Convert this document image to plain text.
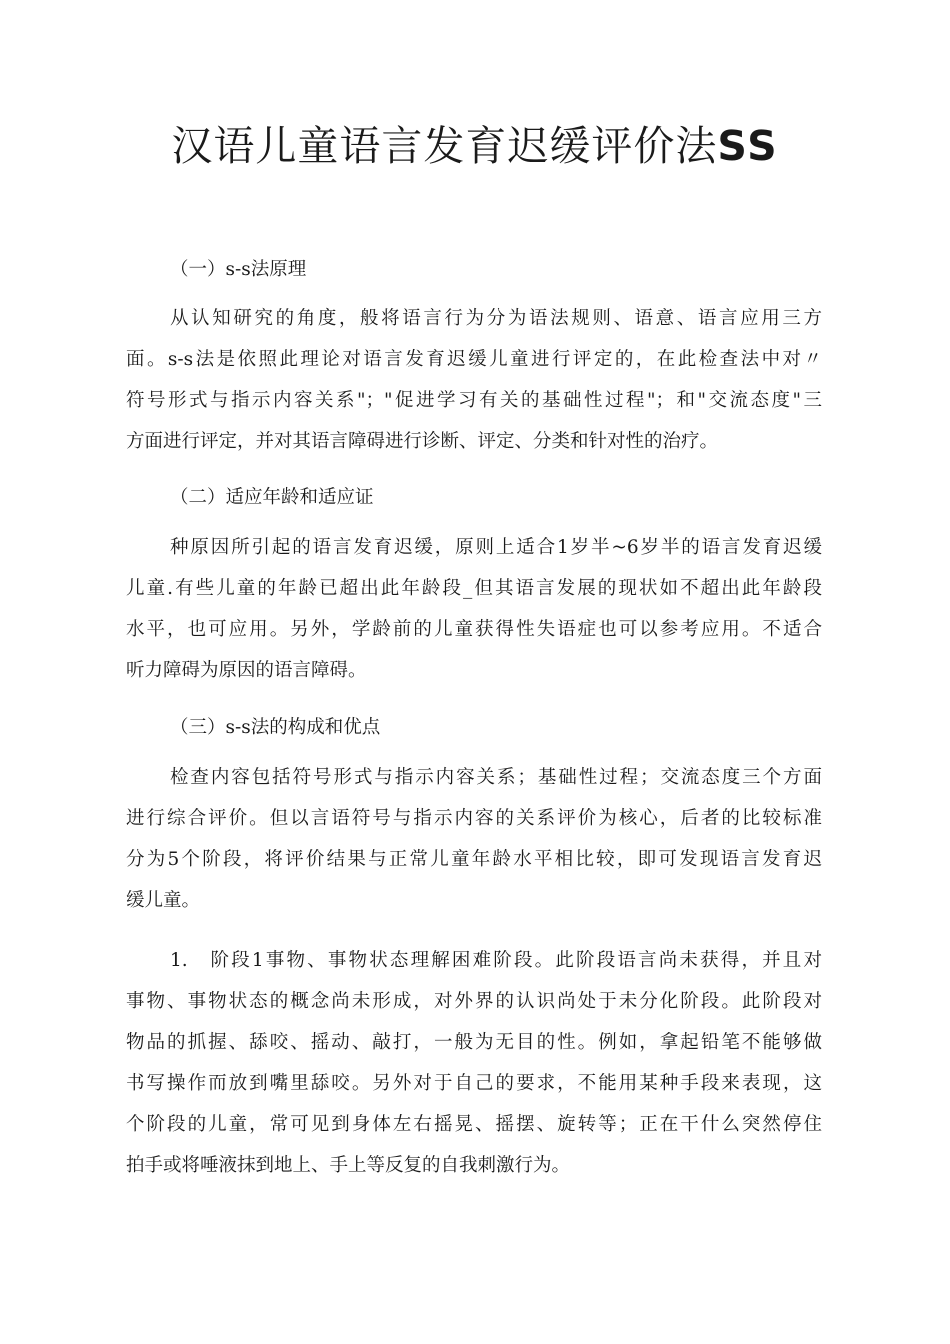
汉语儿童语言发育迟缓评价法SS
（一）s-s法原理
从认知研究的角度，般将语言行为分为语法规则、语意、语言应用三方
面。s-s法是依照此理论对语言发育迟缓儿童进行评定的，在此检查法中对〃
符号形式与指示内容关系"；"促进学习有关的基础性过程"；和"交流态度"三
方面进行评定，并对其语言障碍进行诊断、评定、分类和针对性的治疗。
（二）适应年龄和适应证
种原因所引起的语言发育迟缓，原则上适合1岁半~6岁半的语言发育迟缓
儿童.有些儿童的年龄已超出此年龄段_但其语言发展的现状如不超出此年龄段
水平，也可应用。另外，学龄前的儿童获得性失语症也可以参考应用。不适合
听力障碍为原因的语言障碍。
（三）s-s法的构成和优点
检查内容包括符号形式与指示内容关系；基础性过程；交流态度三个方面
进行综合评价。但以言语符号与指示内容的关系评价为核心，后者的比较标准
分为5个阶段，将评价结果与正常儿童年龄水平相比较，即可发现语言发育迟
缓儿童。
1.　阶段1事物、事物状态理解困难阶段。此阶段语言尚未获得，并且对
事物、事物状态的概念尚未形成，对外界的认识尚处于未分化阶段。此阶段对
物品的抓握、舔咬、摇动、敲打，一般为无目的性。例如，拿起铅笔不能够做
书写操作而放到嘴里舔咬。另外对于自己的要求，不能用某种手段来表现，这
个阶段的儿童，常可见到身体左右摇晃、摇摆、旋转等；正在干什么突然停住
拍手或将唾液抹到地上、手上等反复的自我刺激行为。
